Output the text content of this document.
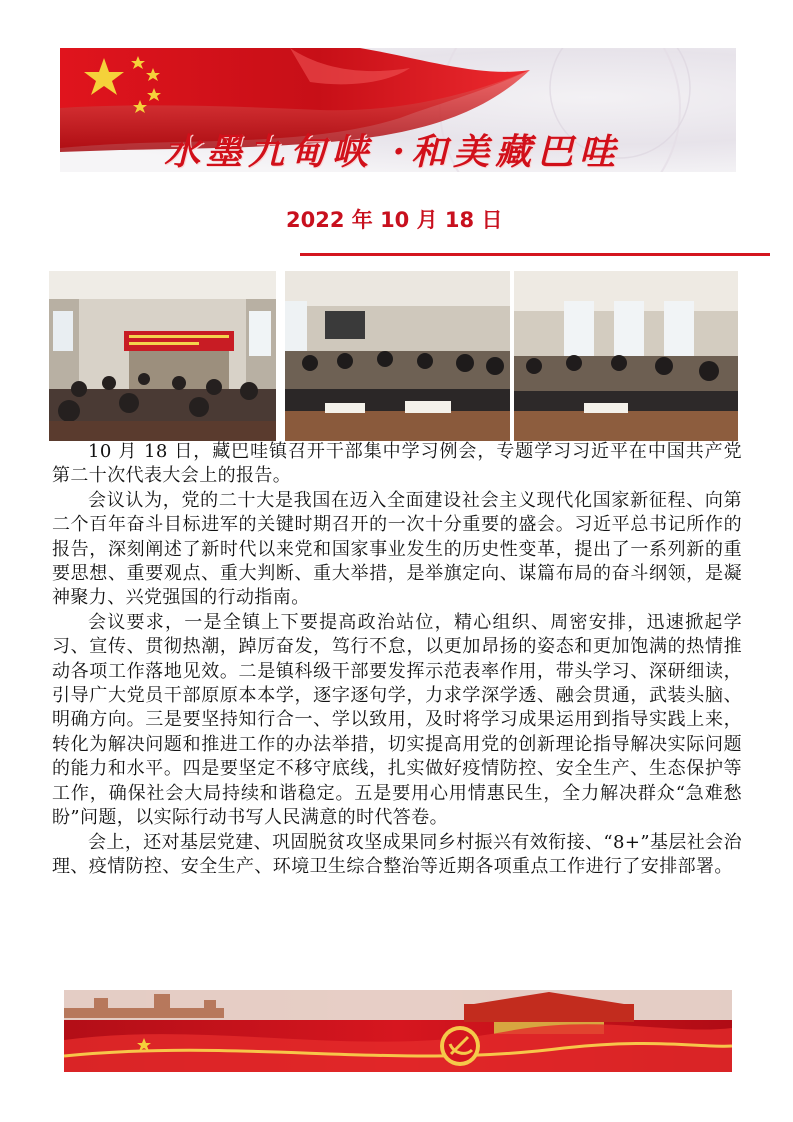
水墨九甸峡 ·和美藏巴哇
2022 年 10 月 18 日

10 月 18 日，藏巴哇镇召开干部集中学习例会，专题学习习近平在中国共产党第二十次代表大会上的报告。

会议认为，党的二十大是我国在迈入全面建设社会主义现代化国家新征程、向第二个百年奋斗目标进军的关键时期召开的一次十分重要的盛会。习近平总书记所作的报告，深刻阐述了新时代以来党和国家事业发生的历史性变革，提出了一系列新的重要思想、重要观点、重大判断、重大举措，是举旗定向、谋篇布局的奋斗纲领，是凝神聚力、兴党强国的行动指南。

会议要求，一是全镇上下要提高政治站位，精心组织、周密安排，迅速掀起学习、宣传、贯彻热潮，踔厉奋发，笃行不怠，以更加昂扬的姿态和更加饱满的热情推动各项工作落地见效。二是镇科级干部要发挥示范表率作用，带头学习、深研细读，引导广大党员干部原原本本学，逐字逐句学，力求学深学透、融会贯通，武装头脑、明确方向。三是要坚持知行合一、学以致用，及时将学习成果运用到指导实践上来，转化为解决问题和推进工作的办法举措，切实提高用党的创新理论指导解决实际问题的能力和水平。四是要坚定不移守底线，扎实做好疫情防控、安全生产、生态保护等工作，确保社会大局持续和谐稳定。五是要用心用情惠民生，全力解决群众“急难愁盼”问题，以实际行动书写人民满意的时代答卷。

会上，还对基层党建、巩固脱贫攻坚成果同乡村振兴有效衔接、“8+”基层社会治理、疫情防控、安全生产、环境卫生综合整治等近期各项重点工作进行了安排部署。
